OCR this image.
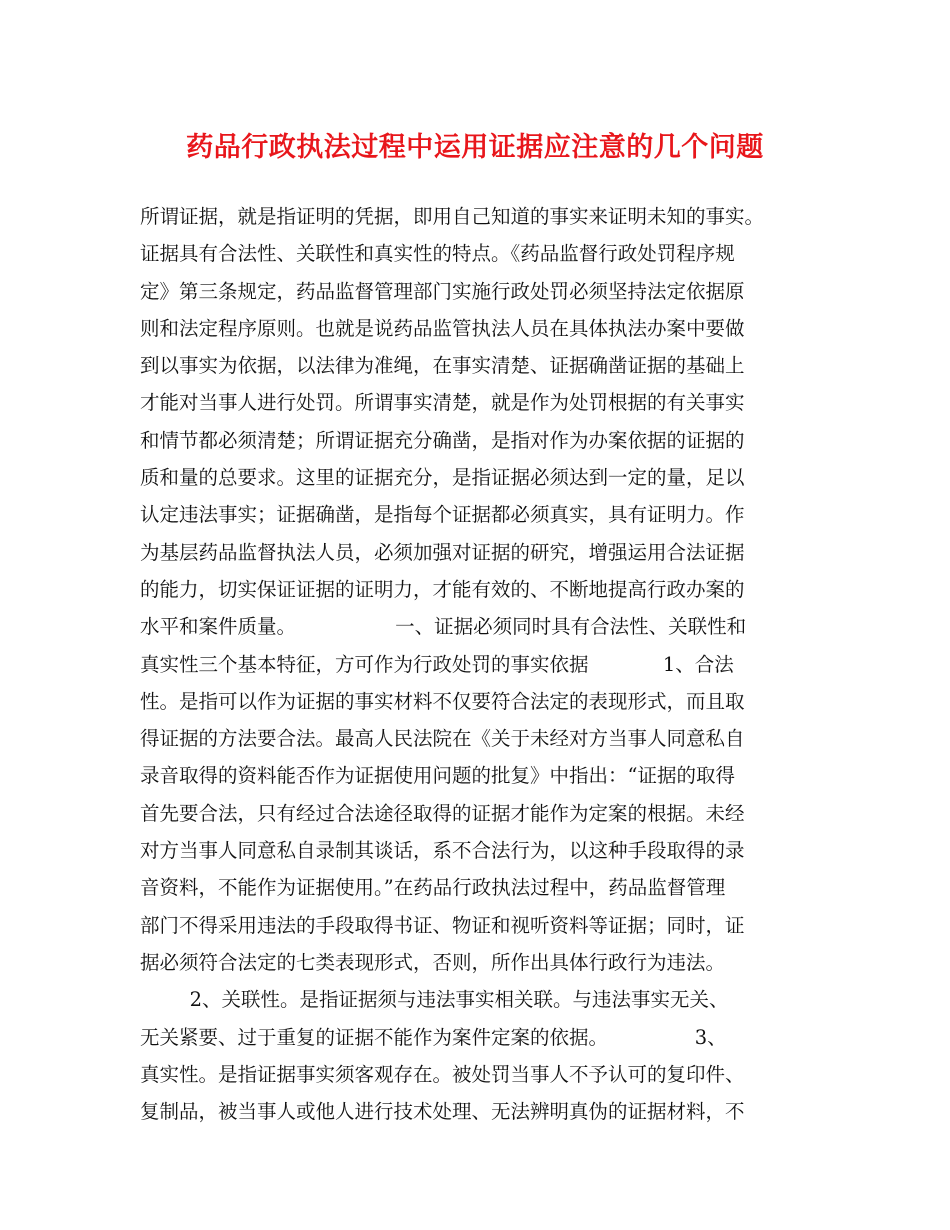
药品行政执法过程中运用证据应注意的几个问题
所谓证据，就是指证明的凭据，即用自己知道的事实来证明未知的事实。
证据具有合法性、关联性和真实性的特点。《药品监督行政处罚程序规
定》第三条规定，药品监督管理部门实施行政处罚必须坚持法定依据原
则和法定程序原则。也就是说药品监管执法人员在具体执法办案中要做
到以事实为依据，以法律为准绳，在事实清楚、证据确凿证据的基础上
才能对当事人进行处罚。所谓事实清楚，就是作为处罚根据的有关事实
和情节都必须清楚；所谓证据充分确凿，是指对作为办案依据的证据的
质和量的总要求。这里的证据充分，是指证据必须达到一定的量，足以
认定违法事实；证据确凿，是指每个证据都必须真实，具有证明力。作
为基层药品监督执法人员，必须加强对证据的研究，增强运用合法证据
的能力，切实保证证据的证明力，才能有效的、不断地提高行政办案的
水平和案件质量。                一、证据必须同时具有合法性、关联性和
真实性三个基本特征，方可作为行政处罚的事实依据            1、合法
性。是指可以作为证据的事实材料不仅要符合法定的表现形式，而且取
得证据的方法要合法。最高人民法院在《关于未经对方当事人同意私自
录音取得的资料能否作为证据使用问题的批复》中指出：“证据的取得
首先要合法，只有经过合法途径取得的证据才能作为定案的根据。未经
对方当事人同意私自录制其谈话，系不合法行为，以这种手段取得的录
音资料，不能作为证据使用。”在药品行政执法过程中，药品监督管理
部门不得采用违法的手段取得书证、物证和视听资料等证据；同时，证
据必须符合法定的七类表现形式，否则，所作出具体行政行为违法。
2、关联性。是指证据须与违法事实相关联。与违法事实无关、
无关紧要、过于重复的证据不能作为案件定案的依据。              3、
真实性。是指证据事实须客观存在。被处罚当事人不予认可的复印件、
复制品，被当事人或他人进行技术处理、无法辨明真伪的证据材料，不
